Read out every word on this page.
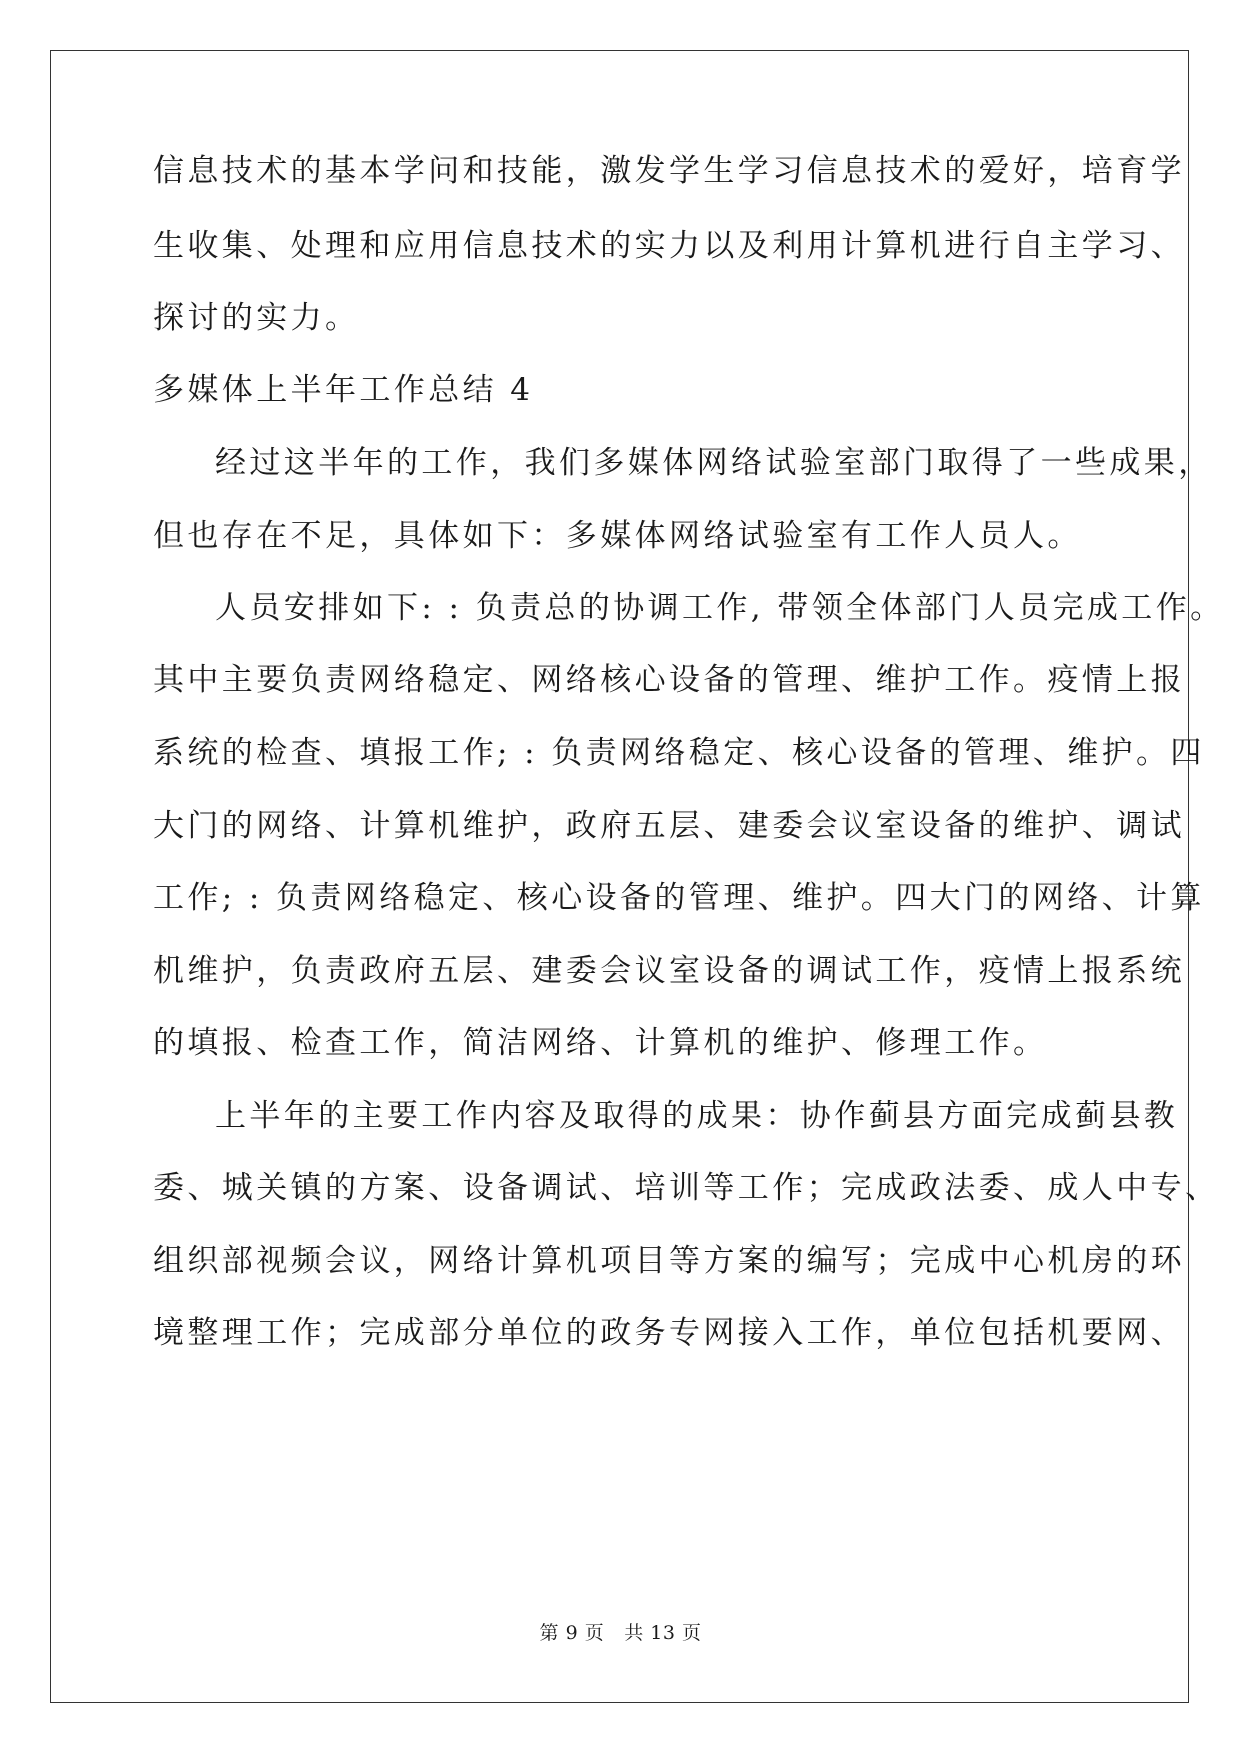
信息技术的基本学问和技能，激发学生学习信息技术的爱好，培育学
生收集、处理和应用信息技术的实力以及利用计算机进行自主学习、
探讨的实力。
多媒体上半年工作总结 4
经过这半年的工作，我们多媒体网络试验室部门取得了一些成果，
但也存在不足，具体如下：多媒体网络试验室有工作人员人。
人员安排如下: : 负责总的协调工作, 带领全体部门人员完成工作。
其中主要负责网络稳定、网络核心设备的管理、维护工作。疫情上报
系统的检查、填报工作; : 负责网络稳定、核心设备的管理、维护。四
大门的网络、计算机维护，政府五层、建委会议室设备的维护、调试
工作; : 负责网络稳定、核心设备的管理、维护。四大门的网络、计算
机维护，负责政府五层、建委会议室设备的调试工作，疫情上报系统
的填报、检查工作，简洁网络、计算机的维护、修理工作。
上半年的主要工作内容及取得的成果：协作蓟县方面完成蓟县教
委、城关镇的方案、设备调试、培训等工作；完成政法委、成人中专、
组织部视频会议，网络计算机项目等方案的编写；完成中心机房的环
境整理工作；完成部分单位的政务专网接入工作，单位包括机要网、
第 9 页 共 13 页
